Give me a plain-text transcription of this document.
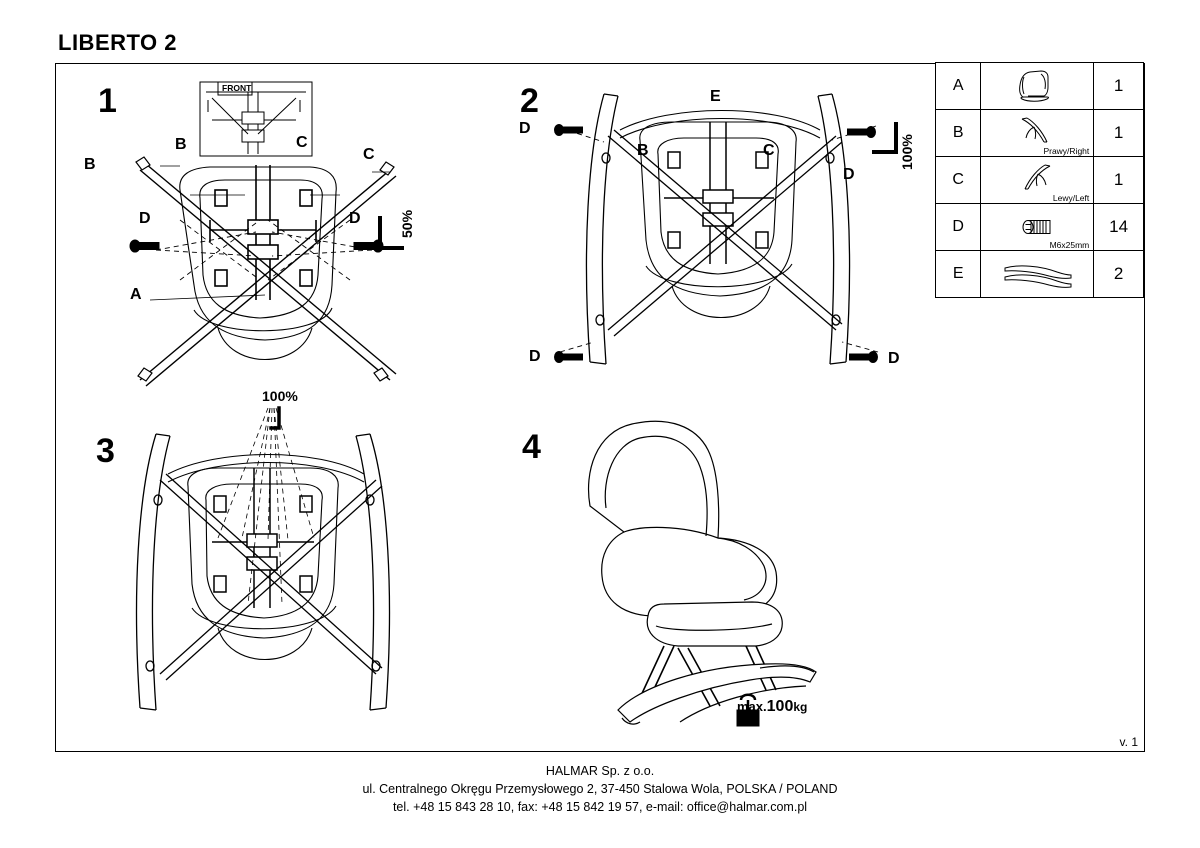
LIBERTO 2
A		1
B	Prawy/Right	1
C	Lewy/Left	1
D	M6x25mm	14
E		2
1	FRONT
B
C
B	C
D	D
A
50%
2	E
D
D
B	C
D	D
100%
3
100%
4
max.100kg
v. 1
HALMAR Sp. z o.o.
ul. Centralnego Okręgu Przemysłowego 2, 37-450 Stalowa Wola, POLSKA / POLAND
tel. +48 15 843 28 10, fax: +48 15 842 19 57, e-mail: office@halmar.com.pl
